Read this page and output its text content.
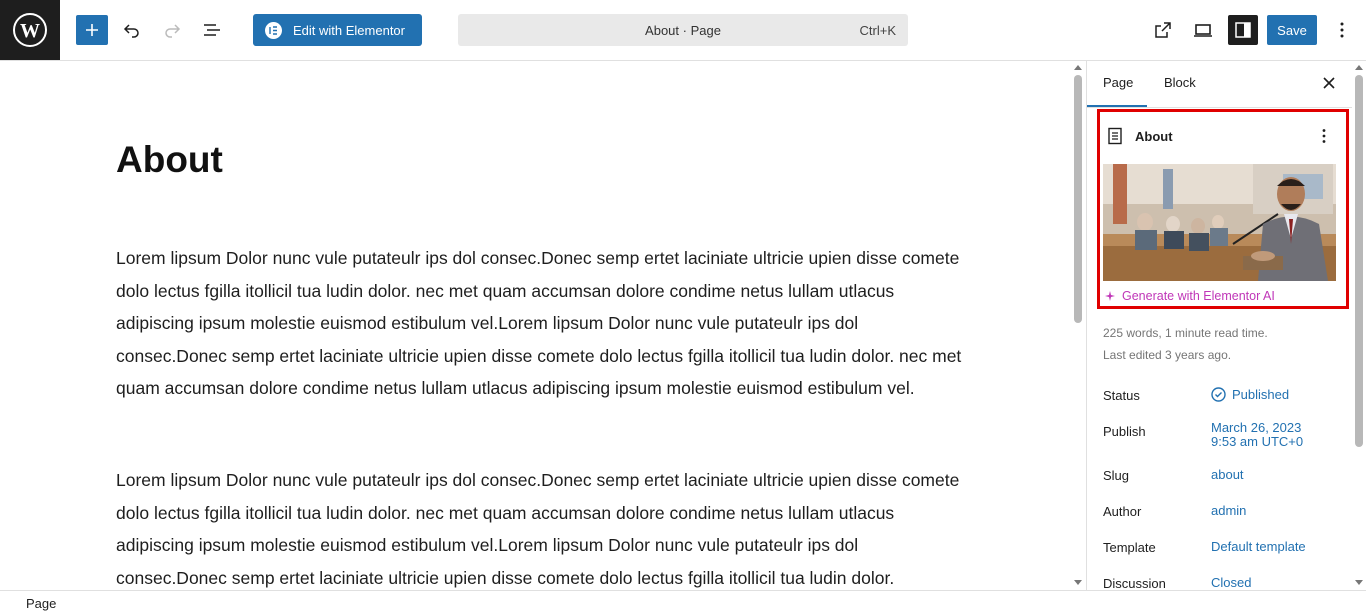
W	Edit with Elementor	About · Page	Ctrl+K	Save
About

Lorem lipsum Dolor nunc vule putateulr ips dol consec.Donec semp ertet laciniate ultricie upien disse comete dolo lectus fgilla itollicil tua ludin dolor. nec met quam accumsan dolore condime netus lullam utlacus adipiscing ipsum molestie euismod estibulum vel.Lorem lipsum Dolor nunc vule putateulr ips dol consec.Donec semp ertet laciniate ultricie upien disse comete dolo lectus fgilla itollicil tua ludin dolor. nec met quam accumsan dolore condime netus lullam utlacus adipiscing ipsum molestie euismod estibulum vel.

Lorem lipsum Dolor nunc vule putateulr ips dol consec.Donec semp ertet laciniate ultricie upien disse comete dolo lectus fgilla itollicil tua ludin dolor. nec met quam accumsan dolore condime netus lullam utlacus adipiscing ipsum molestie euismod estibulum vel.Lorem lipsum Dolor nunc vule putateulr ips dol consec.Donec semp ertet laciniate ultricie upien disse comete dolo lectus fgilla itollicil tua ludin dolor.

Page Block
About
Generate with Elementor AI
225 words, 1 minute read time.
Last edited 3 years ago.
Status	Published
Publish	March 26, 2023
9:53 am UTC+0
Slug	about
Author	admin
Template	Default template
Discussion	Closed
Page
